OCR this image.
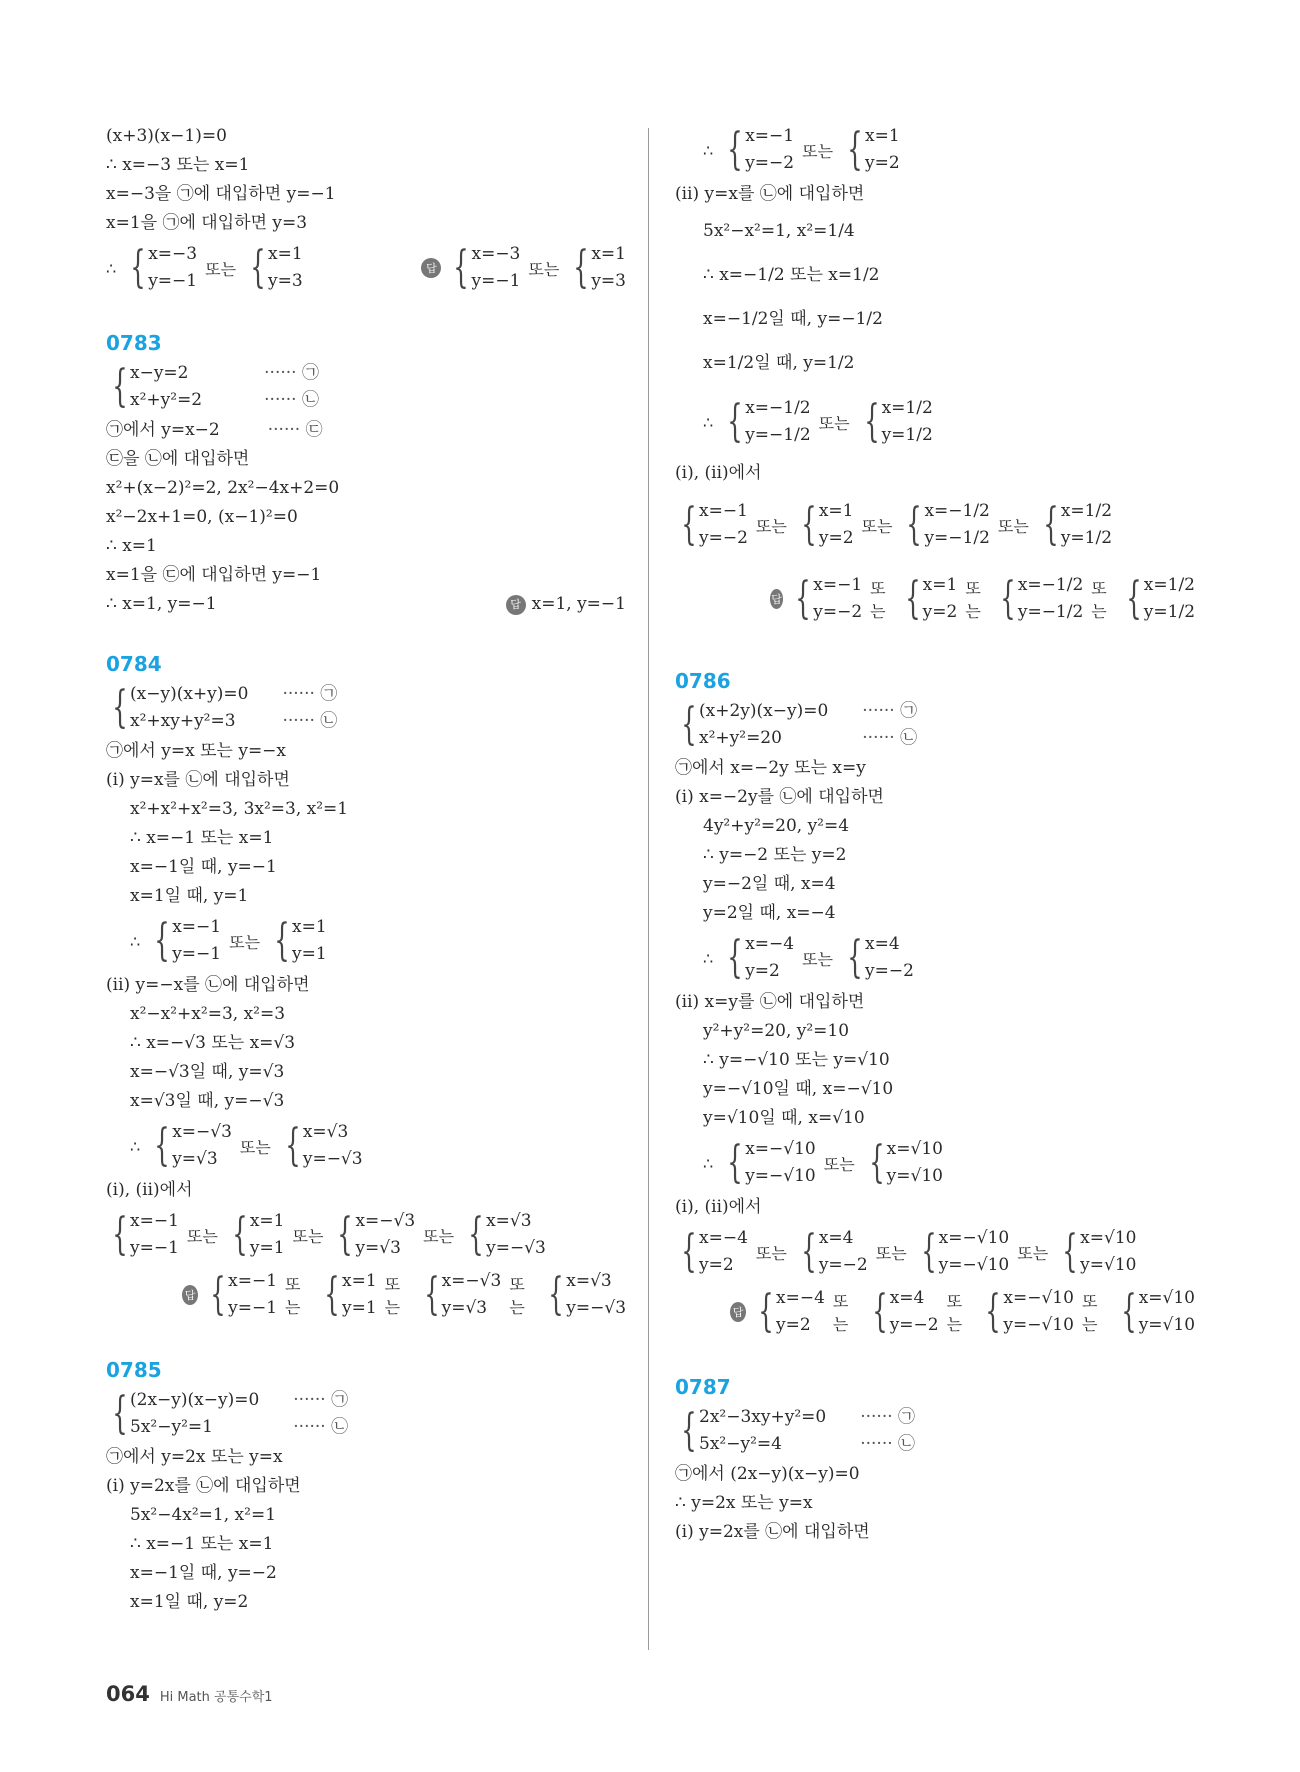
(x+3)(x−1)=0
∴ x=−3 또는 x=1
x=−3을 ㉠에 대입하면 y=−1
x=1을 ㉠에 대입하면 y=3
∴ { x=−3
y=−1
또는 { x=1
y=3
답 { x=−3
y=−1
또는 { x=1
y=3
0783
{ x−y=2
x²+y²=2
······ ㉠
······ ㉡
㉠에서 y=x−2	······ ㉢
㉢을 ㉡에 대입하면
x²+(x−2)²=2, 2x²−4x+2=0
x²−2x+1=0, (x−1)²=0
∴ x=1
x=1을 ㉢에 대입하면 y=−1
∴ x=1, y=−1	답 x=1, y=−1
0784
{ (x−y)(x+y)=0
x²+xy+y²=3
······ ㉠
······ ㉡
㉠에서 y=x 또는 y=−x
(ⅰ) y=x를 ㉡에 대입하면
x²+x²+x²=3, 3x²=3, x²=1
∴ x=−1 또는 x=1
x=−1일 때, y=−1
x=1일 때, y=1
∴ { x=−1
y=−1
또는 { x=1
y=1
(ⅱ) y=−x를 ㉡에 대입하면
x²−x²+x²=3, x²=3
∴ x=−√3 또는 x=√3
x=−√3일 때, y=√3
x=√3일 때, y=−√3
∴ { x=−√3
y=√3
또는 { x=√3
y=−√3
(ⅰ), (ⅱ)에서
{ x=−1
y=−1
또는 { x=1
y=1
또는 { x=−√3
y=√3
또는 { x=√3
y=−√3
답 { x=−1
y=−1
또는 { x=1
y=1
또는 { x=−√3
y=√3
또는 { x=√3
y=−√3
0785
{ (2x−y)(x−y)=0
5x²−y²=1
······ ㉠
······ ㉡
㉠에서 y=2x 또는 y=x
(ⅰ) y=2x를 ㉡에 대입하면
5x²−4x²=1, x²=1
∴ x=−1 또는 x=1
x=−1일 때, y=−2
x=1일 때, y=2
∴ { x=−1
y=−2
또는 { x=1
y=2
(ⅱ) y=x를 ㉡에 대입하면
5x²−x²=1, x²=1/4
∴ x=−1/2 또는 x=1/2
x=−1/2일 때, y=−1/2
x=1/2일 때, y=1/2
∴ { x=−1/2
y=−1/2
또는 { x=1/2
y=1/2
(ⅰ), (ⅱ)에서
{ x=−1
y=−2
또는 { x=1
y=2
또는 { x=−1/2
y=−1/2
또는 { x=1/2
y=1/2
답 { x=−1
y=−2
또는 { x=1
y=2
또는 { x=−1/2
y=−1/2
또는 { x=1/2
y=1/2
0786
{ (x+2y)(x−y)=0
x²+y²=20
······ ㉠
······ ㉡
㉠에서 x=−2y 또는 x=y
(ⅰ) x=−2y를 ㉡에 대입하면
4y²+y²=20, y²=4
∴ y=−2 또는 y=2
y=−2일 때, x=4
y=2일 때, x=−4
∴ { x=−4
y=2
또는 { x=4
y=−2
(ⅱ) x=y를 ㉡에 대입하면
y²+y²=20, y²=10
∴ y=−√10 또는 y=√10
y=−√10일 때, x=−√10
y=√10일 때, x=√10
∴ { x=−√10
y=−√10
또는 { x=√10
y=√10
(ⅰ), (ⅱ)에서
{ x=−4
y=2
또는 { x=4
y=−2
또는 { x=−√10
y=−√10
또는 { x=√10
y=√10
답 { x=−4
y=2
또는 { x=4
y=−2
또는 { x=−√10
y=−√10
또는 { x=√10
y=√10
0787
{ 2x²−3xy+y²=0
5x²−y²=4
······ ㉠
······ ㉡
㉠에서 (2x−y)(x−y)=0
∴ y=2x 또는 y=x
(ⅰ) y=2x를 ㉡에 대입하면
064 Hi Math 공통수학1
